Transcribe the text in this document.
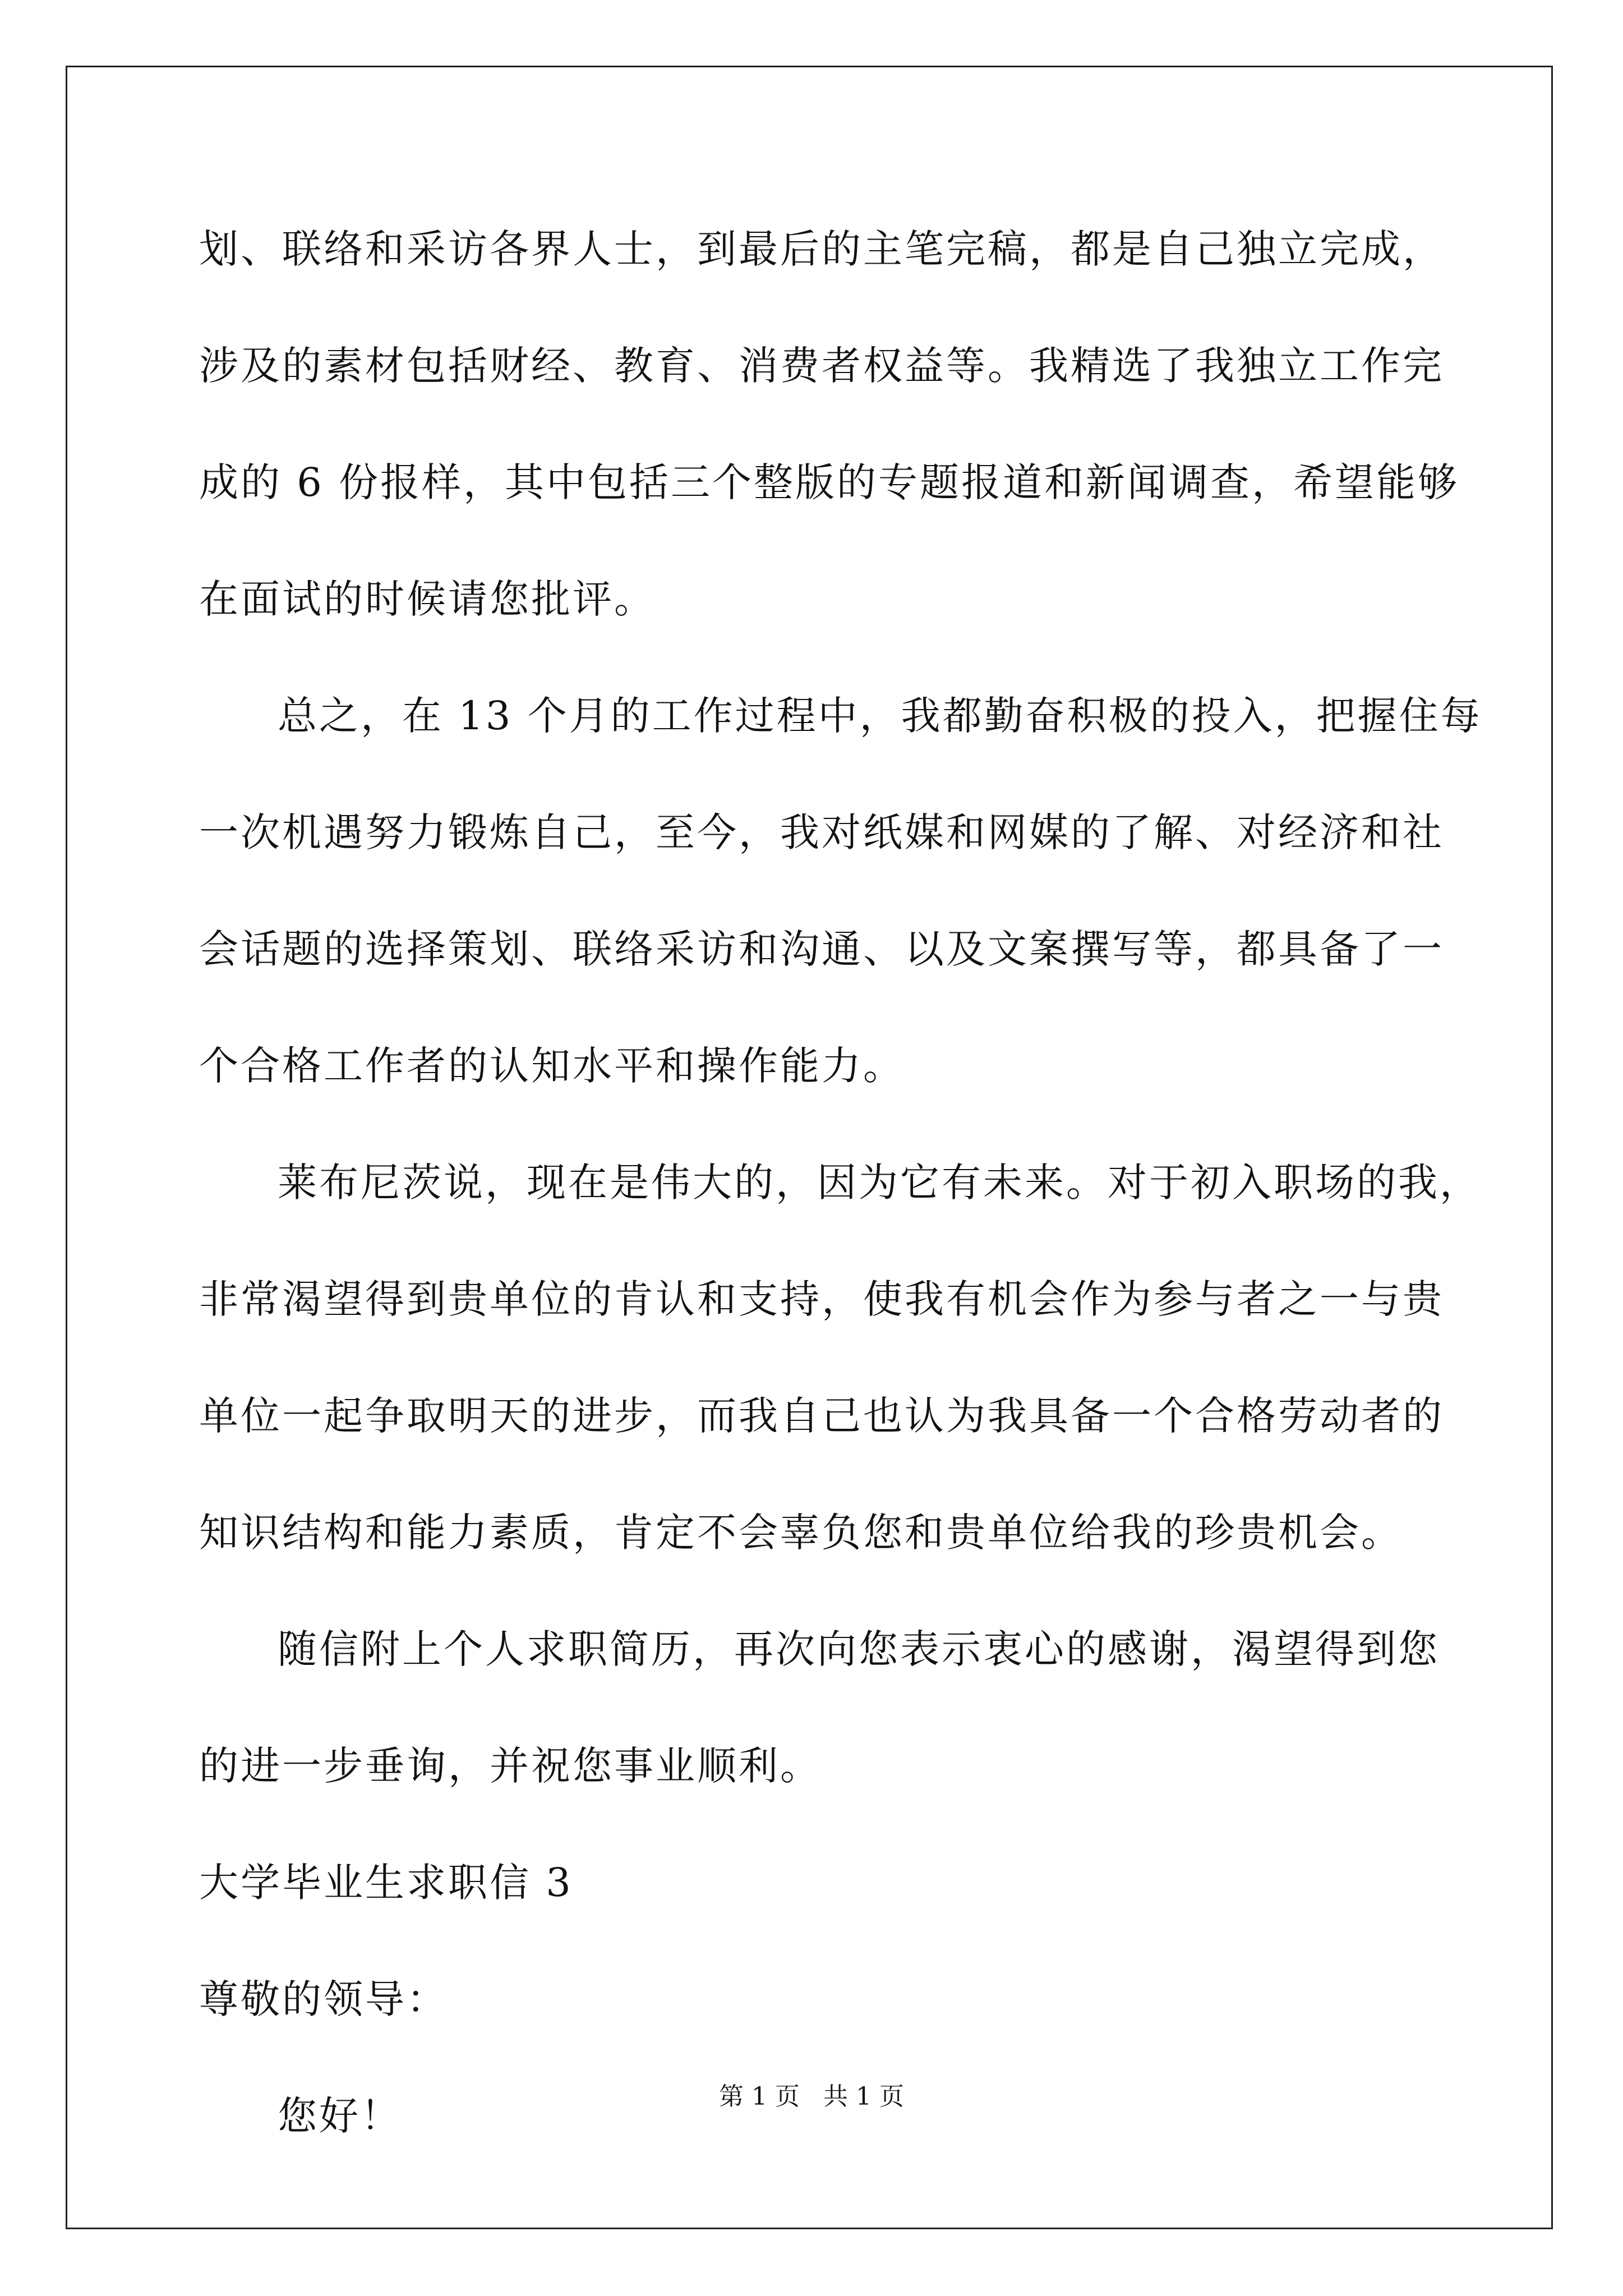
划、联络和采访各界人士，到最后的主笔完稿，都是自己独立完成，
涉及的素材包括财经、教育、消费者权益等。我精选了我独立工作完
成的 6 份报样，其中包括三个整版的专题报道和新闻调查，希望能够
在面试的时候请您批评。
总之，在 13 个月的工作过程中，我都勤奋积极的投入，把握住每
一次机遇努力锻炼自己，至今，我对纸媒和网媒的了解、对经济和社
会话题的选择策划、联络采访和沟通、以及文案撰写等，都具备了一
个合格工作者的认知水平和操作能力。
莱布尼茨说，现在是伟大的，因为它有未来。对于初入职场的我，
非常渴望得到贵单位的肯认和支持，使我有机会作为参与者之一与贵
单位一起争取明天的进步，而我自己也认为我具备一个合格劳动者的
知识结构和能力素质，肯定不会辜负您和贵单位给我的珍贵机会。
随信附上个人求职简历，再次向您表示衷心的感谢，渴望得到您
的进一步垂询，并祝您事业顺利。
大学毕业生求职信 3
尊敬的领导：
您好！	第 1 页   共 1 页
